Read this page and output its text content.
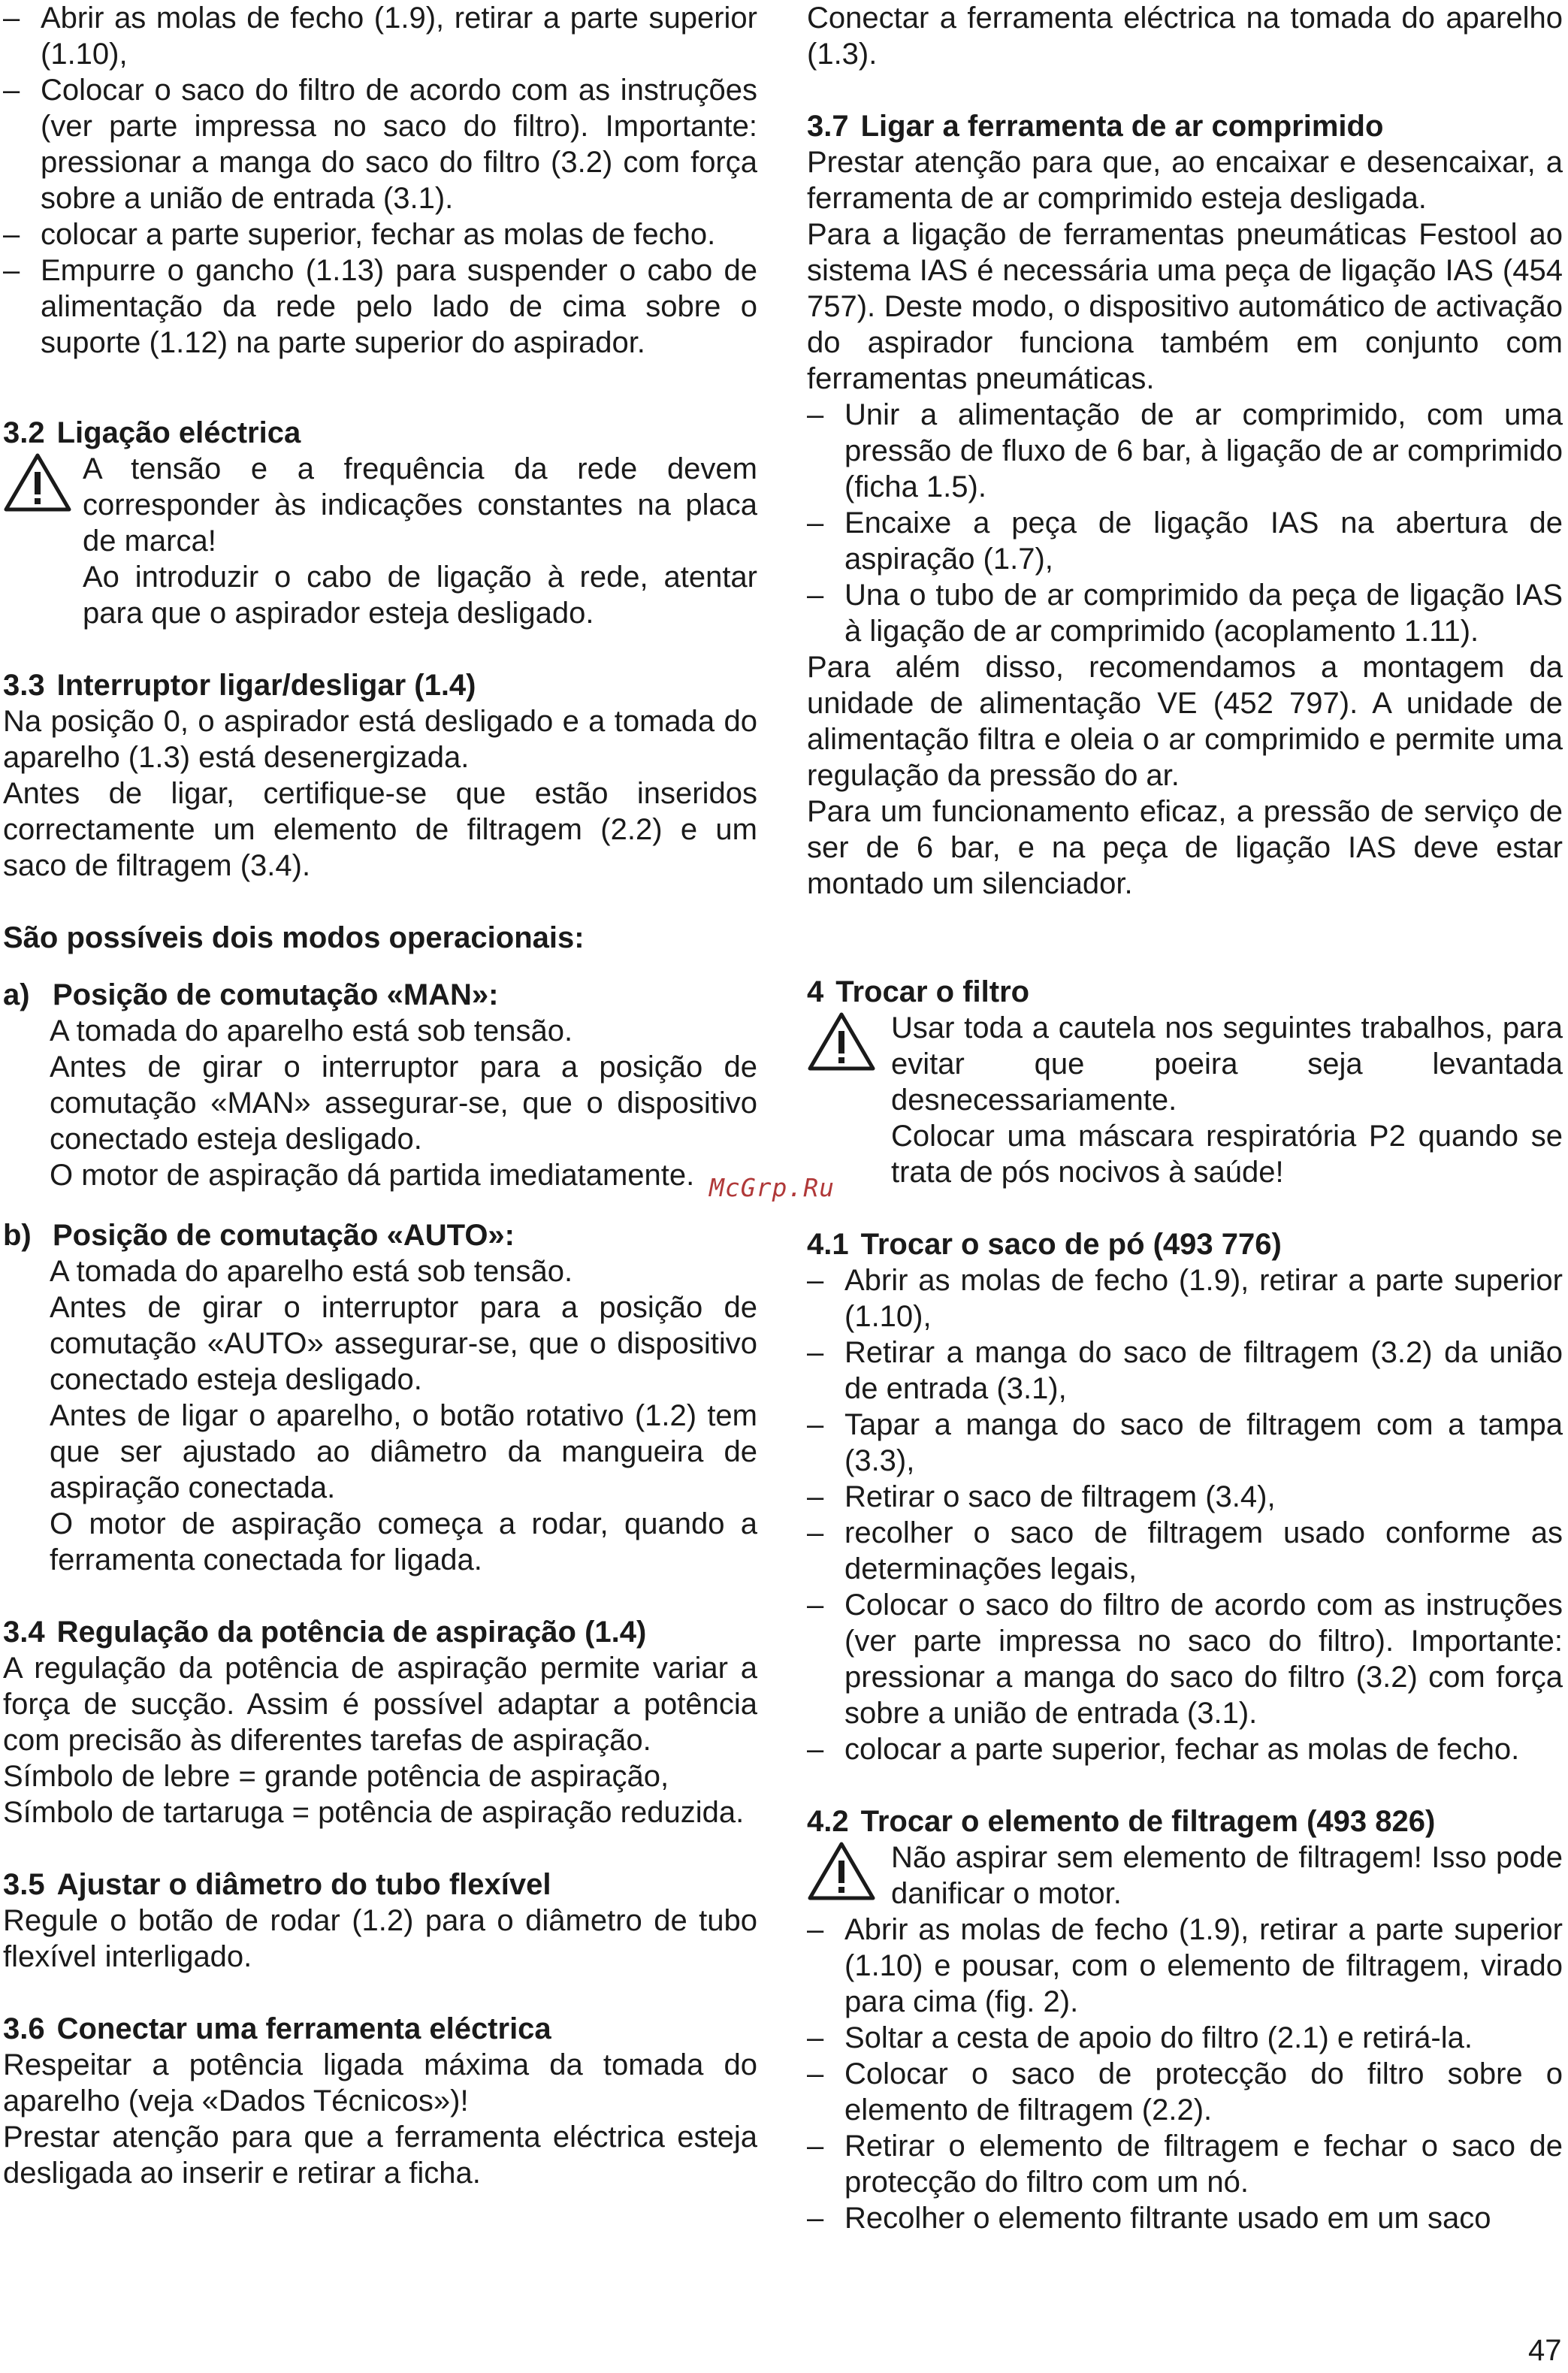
– Abrir as molas de fecho (1.9), retirar a parte superior (1.10),
– Colocar o saco do filtro de acordo com as instruções (ver parte impressa no saco do filtro). Importante: pressionar a manga do saco do filtro (3.2) com força sobre a união de entrada (3.1).
– colocar a parte superior, fechar as molas de fecho.
– Empurre o gancho (1.13) para suspender o cabo de alimentação da rede pelo lado de cima sobre o suporte (1.12) na parte superior do aspirador.

3.2 Ligação eléctrica

A tensão e a frequência da rede devem corresponder às indicações constantes na placa de marca!

Ao introduzir o cabo de ligação à rede, atentar para que o aspirador esteja desligado.

3.3 Interruptor ligar/desligar (1.4)

Na posição 0, o aspirador está desligado e a tomada do aparelho (1.3) está desenergizada.

Antes de ligar, certifique-se que estão inseridos correctamente um elemento de filtragem (2.2) e um saco de filtragem (3.4).

São possíveis dois modos operacionais:

a) Posição de comutação «MAN»:

A tomada do aparelho está sob tensão.

Antes de girar o interruptor para a posição de comutação «MAN» assegurar-se, que o dispositivo conectado esteja desligado.

O motor de aspiração dá partida imediatamente.

b) Posição de comutação «AUTO»:

A tomada do aparelho está sob tensão.

Antes de girar o interruptor para a posição de comutação «AUTO» assegurar-se, que o dispositivo conectado esteja desligado.

Antes de ligar o aparelho, o botão rotativo (1.2) tem que ser ajustado ao diâmetro da mangueira de aspiração conectada.

O motor de aspiração começa a rodar, quando a ferramenta conectada for ligada.

3.4 Regulação da potência de aspiração (1.4)

A regulação da potência de aspiração permite variar a força de sucção. Assim é possível adaptar a potência com precisão às diferentes tarefas de aspiração.

Símbolo de lebre = grande potência de aspiração,

Símbolo de tartaruga = potência de aspiração reduzida.

3.5 Ajustar o diâmetro do tubo flexível

Regule o botão de rodar (1.2) para o diâmetro de tubo flexível interligado.

3.6 Conectar uma ferramenta eléctrica

Respeitar a potência ligada máxima da tomada do aparelho (veja «Dados Técnicos»)!

Prestar atenção para que a ferramenta eléctrica esteja desligada ao inserir e retirar a ficha.

Conectar a ferramenta eléctrica na tomada do aparelho (1.3).

3.7 Ligar a ferramenta de ar comprimido

Prestar atenção para que, ao encaixar e desencaixar, a ferramenta de ar comprimido esteja desligada.

Para a ligação de ferramentas pneumáticas Festool ao sistema IAS é necessária uma peça de ligação IAS (454 757). Deste modo, o dispositivo automático de activação do aspirador funciona também em conjunto com ferramentas pneumáticas.

– Unir a alimentação de ar comprimido, com uma pressão de fluxo de 6 bar, à ligação de ar comprimido (ficha 1.5).
– Encaixe a peça de ligação IAS na abertura de aspiração (1.7),
– Una o tubo de ar comprimido da peça de ligação IAS à ligação de ar comprimido (acoplamento 1.11).

Para além disso, recomendamos a montagem da unidade de alimentação VE (452 797). A unidade de alimentação filtra e oleia o ar comprimido e permite uma regulação da pressão do ar.

Para um funcionamento eficaz, a pressão de serviço de ser de 6 bar, e na peça de ligação IAS deve estar montado um silenciador.

4 Trocar o filtro

Usar toda a cautela nos seguintes trabalhos, para evitar que poeira seja levantada desnecessariamente.

Colocar uma máscara respiratória P2 quando se trata de pós nocivos à saúde!

4.1 Trocar o saco de pó (493 776)

– Abrir as molas de fecho (1.9), retirar a parte superior (1.10),
– Retirar a manga do saco de filtragem (3.2) da união de entrada (3.1),
– Tapar a manga do saco de filtragem com a tampa (3.3),
– Retirar o saco de filtragem (3.4),
– recolher o saco de filtragem usado conforme as determinações legais,
– Colocar o saco do filtro de acordo com as instruções (ver parte impressa no saco do filtro). Importante: pressionar a manga do saco do filtro (3.2) com força sobre a união de entrada (3.1).
– colocar a parte superior, fechar as molas de fecho.

4.2 Trocar o elemento de filtragem (493 826)

Não aspirar sem elemento de filtragem! Isso pode danificar o motor.

– Abrir as molas de fecho (1.9), retirar a parte superior (1.10) e pousar, com o elemento de filtragem, virado para cima (fig. 2).
– Soltar a cesta de apoio do filtro (2.1) e retirá-la.
– Colocar o saco de protecção do filtro sobre o elemento de filtragem (2.2).
– Retirar o elemento de filtragem e fechar o saco de protecção do filtro com um nó.
– Recolher o elemento filtrante usado em um saco
McGrp.Ru
47
